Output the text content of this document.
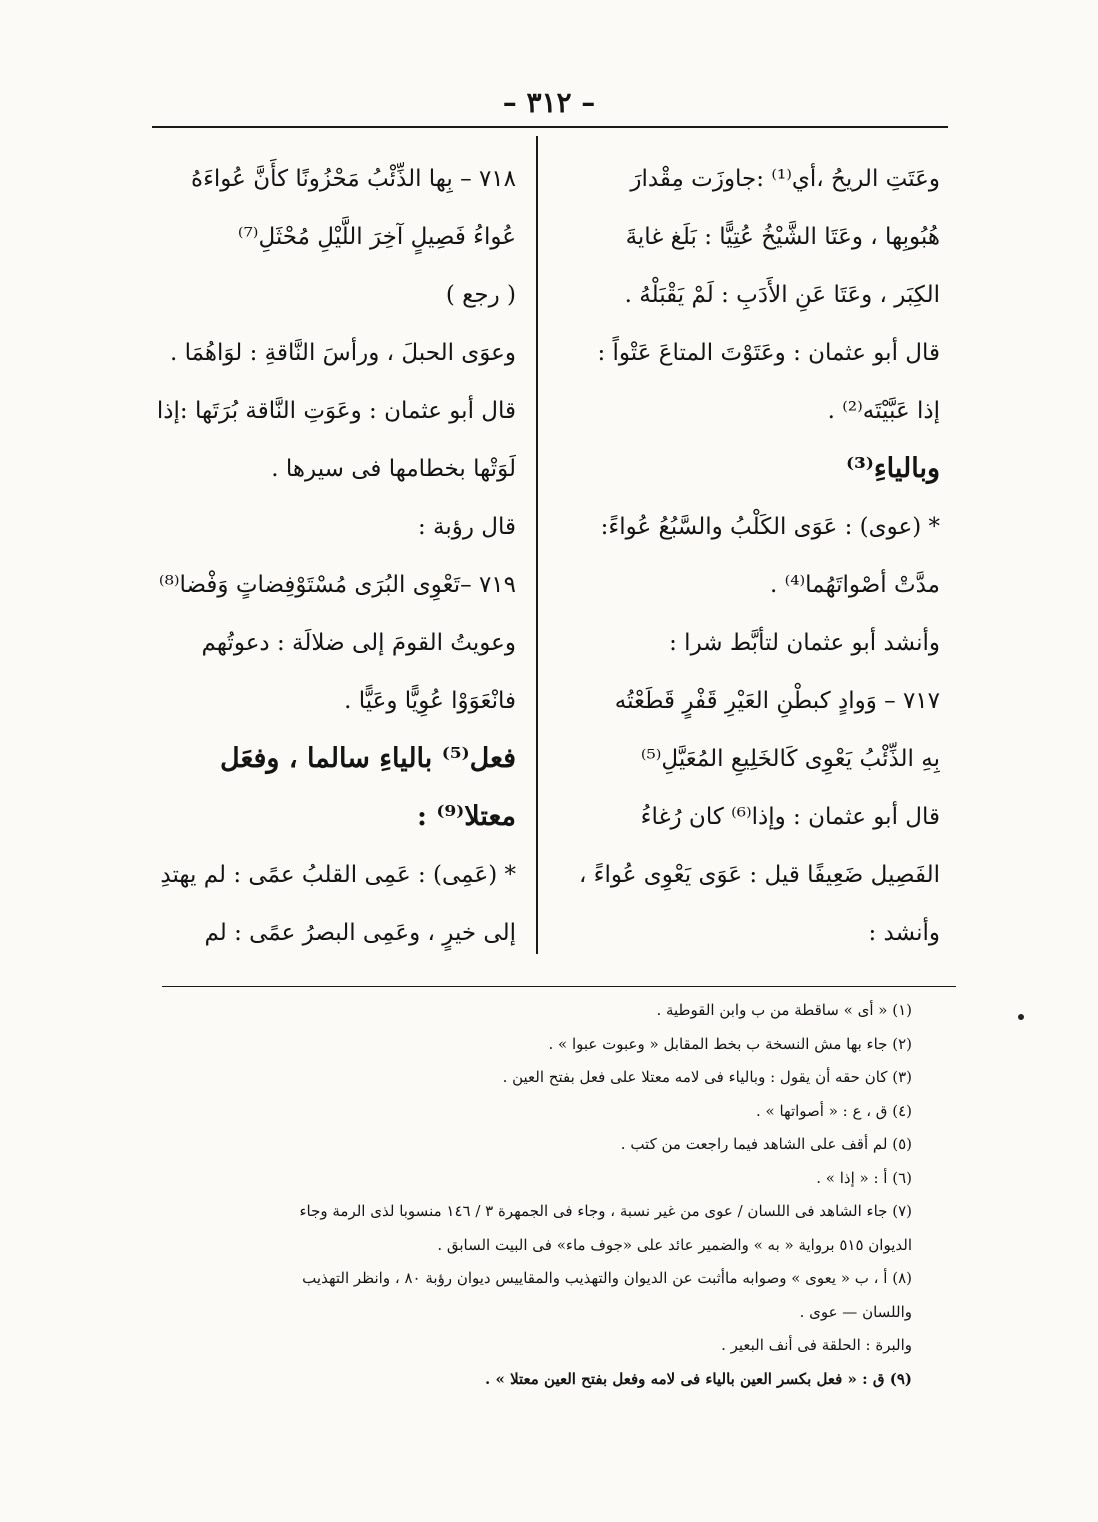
– ٣١٢ –
وعَتَتِ الريحُ ،أي⁽¹⁾ :جاوزَت مِقْدارَ
هُبُوبِها ، وعَتَا الشَّيْخُ عُتِيًّا : بَلَغ غايةَ
الكِبَر ، وعَتَا عَنِ الأَدَبِ : لَمْ يَقْبَلْهُ .
قال أبو عثمان : وعَتَوْتَ المتاعَ عَتْواً :
إذا عَبَّيْتَه⁽²⁾ .
وبالياءِ⁽³⁾
* (عوى) : عَوَى الكَلْبُ والسَّبُعُ عُواءً:
مدَّتْ أصْواتَهُما⁽⁴⁾ .
وأنشد أبو عثمان لتأبَّط شرا :
٧١٧ – وَوادٍ كبطْنِ العَيْرِ قَفْرٍ قَطَعْتُه
بِهِ الذِّئْبُ يَعْوِى كَالخَلِيعِ المُعَيَّلِ⁽⁵⁾
قال أبو عثمان : وإذا⁽⁶⁾ كان رُغاءُ
الفَصِيل ضَعِيفًا قيل : عَوَى يَعْوِى عُواءً ،
وأنشد :
٧١٨ – بِها الذِّئْبُ مَحْزُونًا كأَنَّ عُواءَهُ
عُواءُ فَصِيلٍ آخِرَ اللَّيْلِ مُحْثَلِ⁽⁷⁾
( رجع )
وعوَى الحبلَ ، ورأسَ النَّاقةِ : لوَاهُمَا .
قال أبو عثمان : وعَوَتِ النَّاقة بُرَتَها :إذا
لَوَتْها بخطامها فى سيرها .
قال رؤبة :
٧١٩ –تَعْوِى البُرَى مُسْتَوْفِضاتٍ وَفْضا⁽⁸⁾
وعويتُ القومَ إلى ضلالَة : دعوتُهم
فانْعَوَوْا عُوِيًّا وعَيًّا .
فعل⁽⁵⁾ بالياءِ سالما ، وفعَل
معتلا⁽⁹⁾ :
* (عَمِى) : عَمِى القلبُ عمًى : لم يهتدِ
إلى خيرٍ ، وعَمِى البصرُ عمًى : لم
(١) « أى » ساقطة من ب وابن القوطية .
(٢) جاء بها مش النسخة ب بخط المقابل « وعبوت عبوا » .
(٣) كان حقه أن يقول : وبالياء فى لامه معتلا على فعل بفتح العين .
(٤) ق ، ع : « أصواتها » .
(٥) لم أقف على الشاهد فيما راجعت من كتب .
(٦) أ : « إذا » .
(٧) جاء الشاهد فى اللسان / عوى من غير نسبة ، وجاء فى الجمهرة ٣ / ١٤٦ منسوبا لذى الرمة وجاء
الديوان ٥١٥ برواية « به » والضمير عائد على «جوف ماء» فى البيت السابق .
(٨) أ ، ب « يعوى » وصوابه ماأثبت عن الديوان والتهذيب والمقاييس ديوان رؤبة ٨٠ ، وانظر التهذيب
واللسان — عوى .
والبرة : الحلقة فى أنف البعير .
(٩) ق : « فعل بكسر العين بالياء فى لامه وفعل بفتح العين معتلا » .
